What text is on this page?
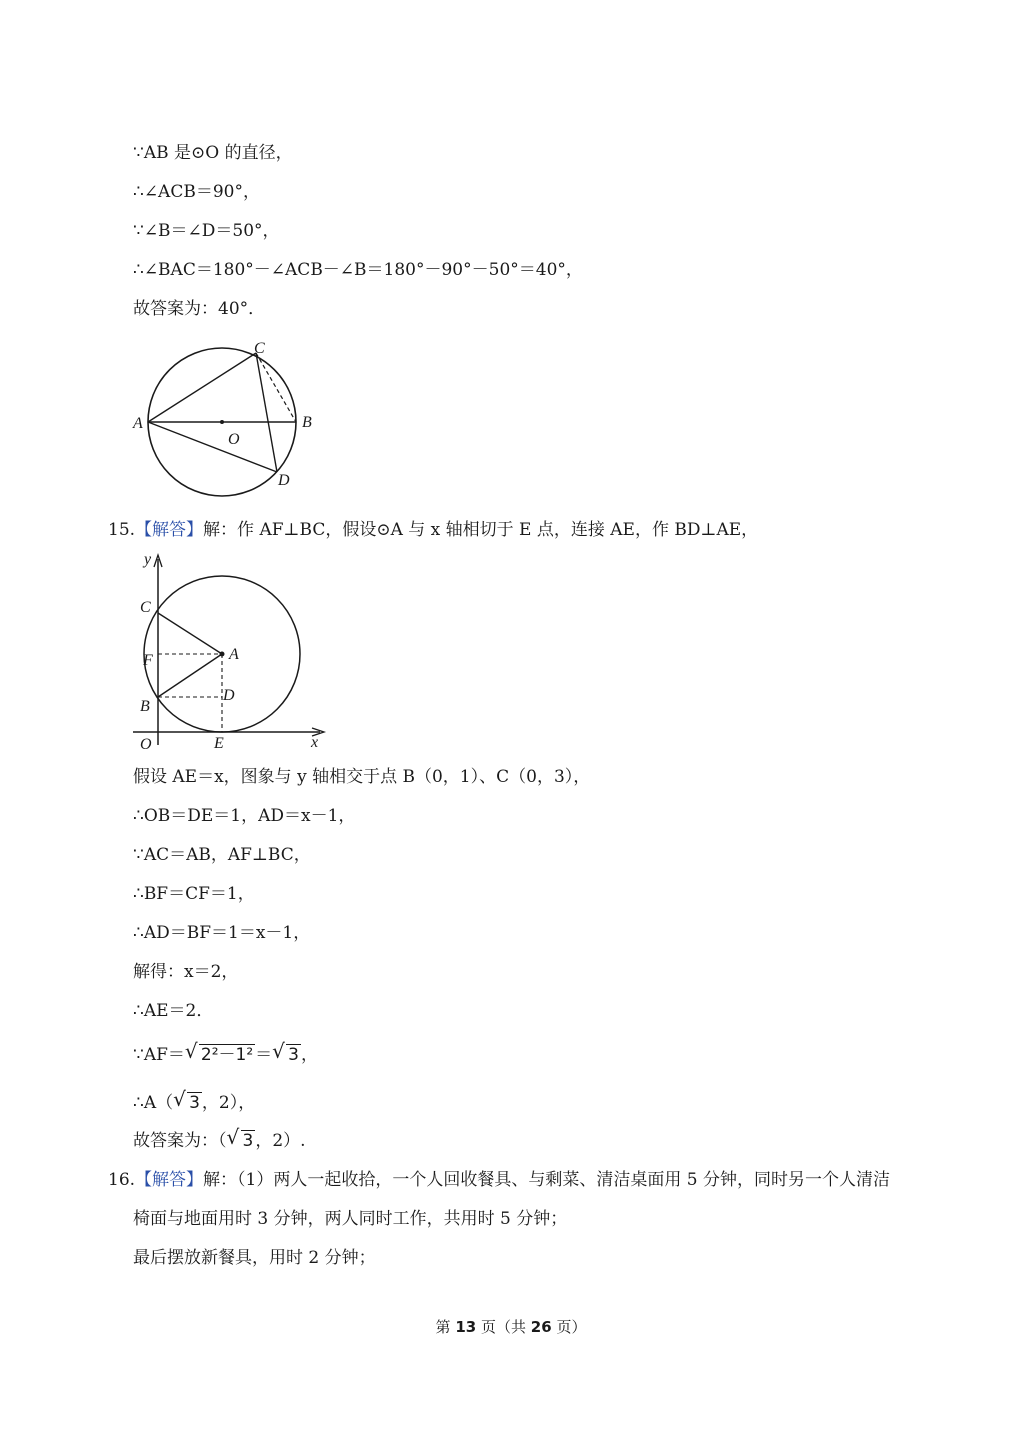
∵AB 是⊙O 的直径，
∴∠ACB＝90°，
∵∠B＝∠D＝50°，
∴∠BAC＝180°－∠ACB－∠B＝180°－90°－50°＝40°，
故答案为：40°．
A	B
C
D
O
15.【解答】解：作 AF⊥BC，假设⊙A 与 x 轴相切于 E 点，连接 AE，作 BD⊥AE，
y
x
C
A
F
D
B
O	E
假设 AE＝x，图象与 y 轴相交于点 B（0，1）、C（0，3），
∴OB＝DE＝1，AD＝x－1，
∵AC＝AB，AF⊥BC，
∴BF＝CF＝1，
∴AD＝BF＝1＝x－1，
解得：x＝2，
∴AE＝2．
∵AF＝ √ 2²－1² ＝ √ 3 ，
∴A（ √ 3 ，2），
故答案为：（ √ 3 ，2）.
16.【解答】解：（1）两人一起收拾，一个人回收餐具、与剩菜、清洁桌面用 5 分钟，同时另一个人清洁
椅面与地面用时 3 分钟，两人同时工作，共用时 5 分钟；
最后摆放新餐具，用时 2 分钟；
第 13 页（共 26 页）
